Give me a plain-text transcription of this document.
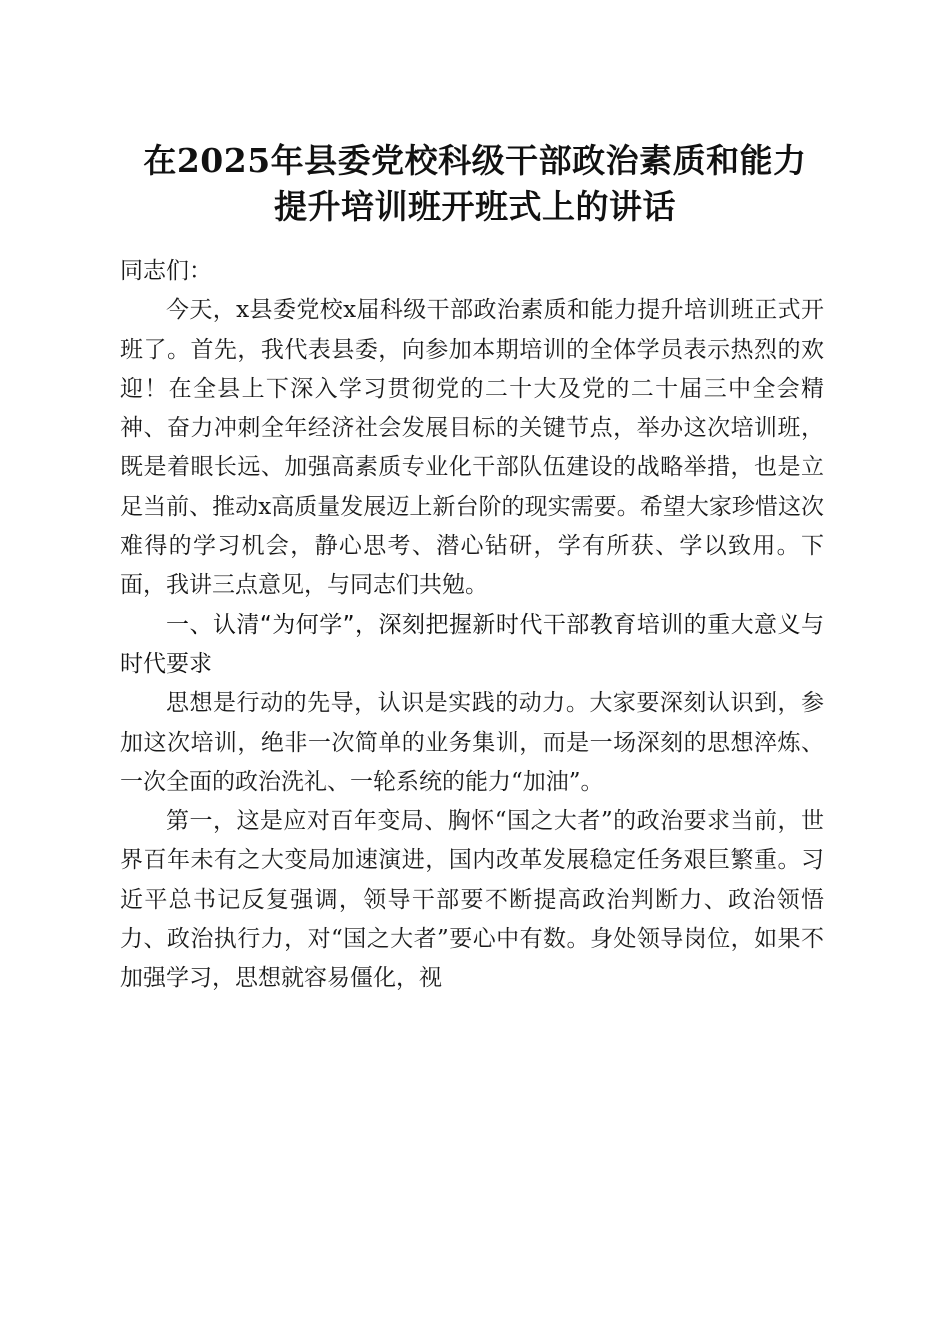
在2025年县委党校科级干部政治素质和能力
提升培训班开班式上的讲话

同志们：

今天，x县委党校x届科级干部政治素质和能力提升培训班正式开班了。首先，我代表县委，向参加本期培训的全体学员表示热烈的欢迎！在全县上下深入学习贯彻党的二十大及党的二十届三中全会精神、奋力冲刺全年经济社会发展目标的关键节点，举办这次培训班，既是着眼长远、加强高素质专业化干部队伍建设的战略举措，也是立足当前、推动x高质量发展迈上新台阶的现实需要。希望大家珍惜这次难得的学习机会，静心思考、潜心钻研，学有所获、学以致用。下面，我讲三点意见，与同志们共勉。

一、认清“为何学”，深刻把握新时代干部教育培训的重大意义与时代要求

思想是行动的先导，认识是实践的动力。大家要深刻认识到，参加这次培训，绝非一次简单的业务集训，而是一场深刻的思想淬炼、一次全面的政治洗礼、一轮系统的能力“加油”。

第一，这是应对百年变局、胸怀“国之大者”的政治要求当前，世界百年未有之大变局加速演进，国内改革发展稳定任务艰巨繁重。习近平总书记反复强调，领导干部要不断提高政治判断力、政治领悟力、政治执行力，对“国之大者”要心中有数。身处领导岗位，如果不加强学习，思想就容易僵化，视
